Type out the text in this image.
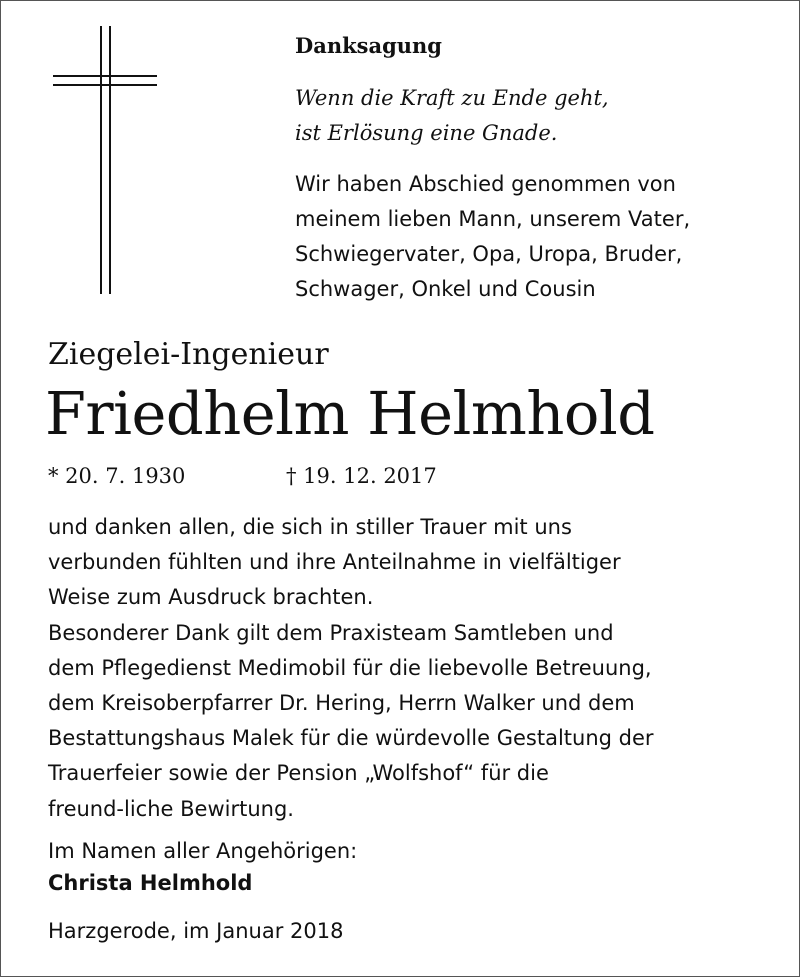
Danksagung
Wenn die Kraft zu Ende geht,
ist Erlösung eine Gnade.
Wir haben Abschied genommen von
meinem lieben Mann, unserem Vater,
Schwiegervater, Opa, Uropa, Bruder,
Schwager, Onkel und Cousin
Ziegelei-Ingenieur
Friedhelm Helmhold
* 20. 7. 1930	† 19. 12. 2017
und danken allen, die sich in stiller Trauer mit uns
verbunden fühlten und ihre Anteilnahme in vielfältiger
Weise zum Ausdruck brachten.
Besonderer Dank gilt dem Praxisteam Samtleben und
dem Pflegedienst Medimobil für die liebevolle Betreuung,
dem Kreisoberpfarrer Dr. Hering, Herrn Walker und dem
Bestattungshaus Malek für die würdevolle Gestaltung der
Trauerfeier sowie der Pension „Wolfshof“ für die
freund-liche Bewirtung.
Im Namen aller Angehörigen:
Christa Helmhold
Harzgerode, im Januar 2018
